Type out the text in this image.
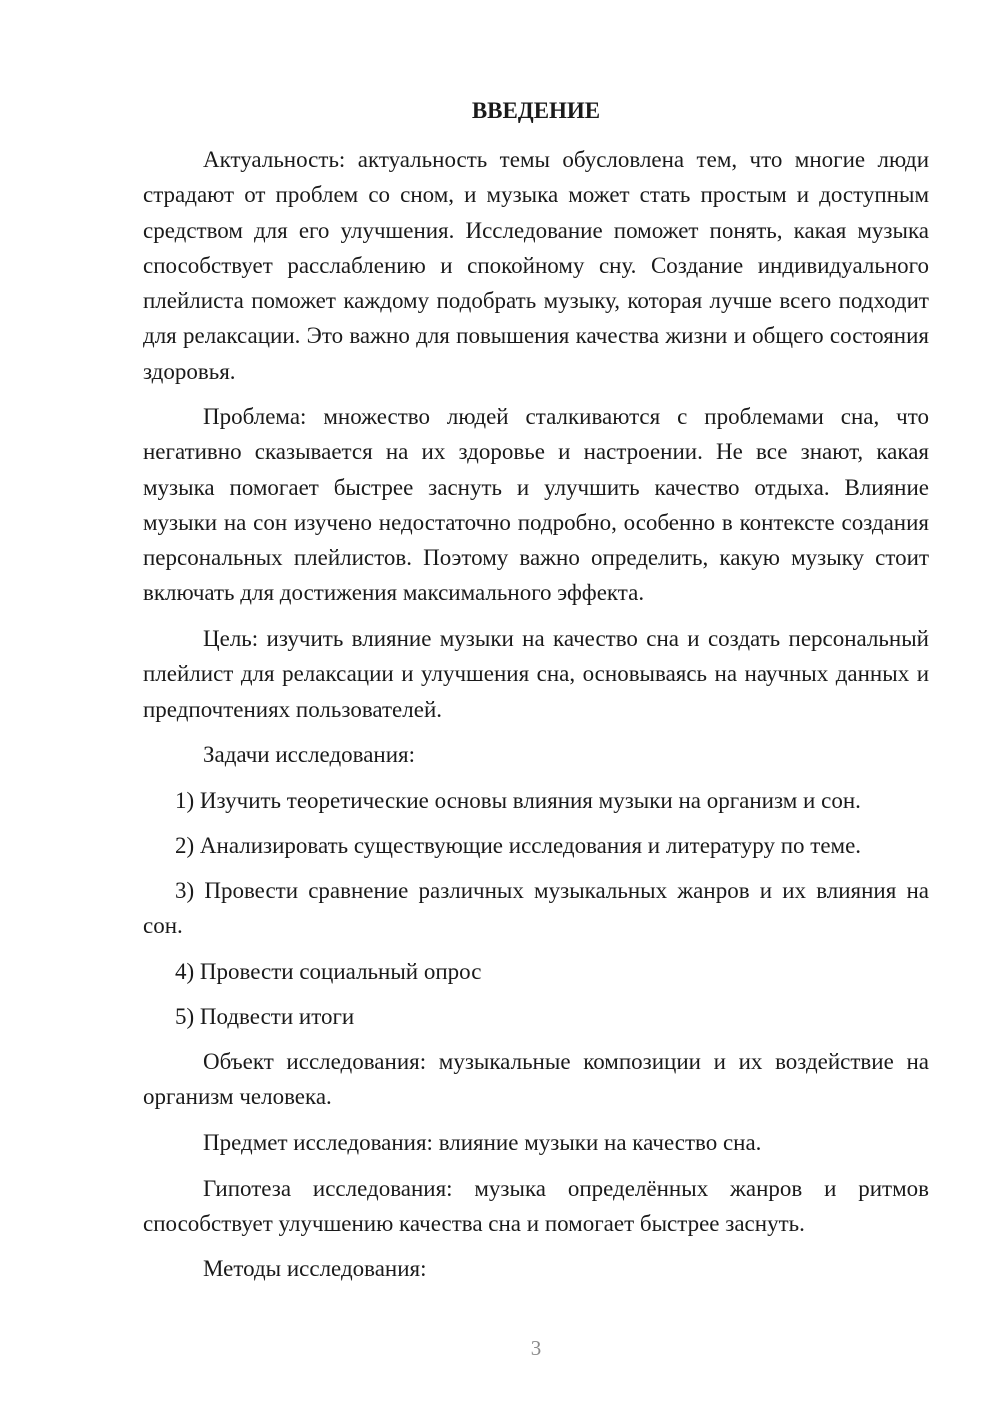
ВВЕДЕНИЕ

Актуальность: актуальность темы обусловлена тем, что многие люди страдают от проблем со сном, и музыка может стать простым и доступным средством для его улучшения. Исследование поможет понять, какая музыка способствует расслаблению и спокойному сну. Создание индивидуального плейлиста поможет каждому подобрать музыку, которая лучше всего подходит для релаксации. Это важно для повышения качества жизни и общего состояния здоровья.

Проблема: множество людей сталкиваются с проблемами сна, что негативно сказывается на их здоровье и настроении. Не все знают, какая музыка помогает быстрее заснуть и улучшить качество отдыха. Влияние музыки на сон изучено недостаточно подробно, особенно в контексте создания персональных плейлистов. Поэтому важно определить, какую музыку стоит включать для достижения максимального эффекта.

Цель: изучить влияние музыки на качество сна и создать персональный плейлист для релаксации и улучшения сна, основываясь на научных данных и предпочтениях пользователей.

Задачи исследования:

1) Изучить теоретические основы влияния музыки на организм и сон.

2) Анализировать существующие исследования и литературу по теме.

3) Провести сравнение различных музыкальных жанров и их влияния на сон.

4) Провести социальный опрос

5) Подвести итоги

Объект исследования: музыкальные композиции и их воздействие на организм человека.

Предмет исследования: влияние музыки на качество сна.

Гипотеза исследования: музыка определённых жанров и ритмов способствует улучшению качества сна и помогает быстрее заснуть.

Методы исследования:

3
